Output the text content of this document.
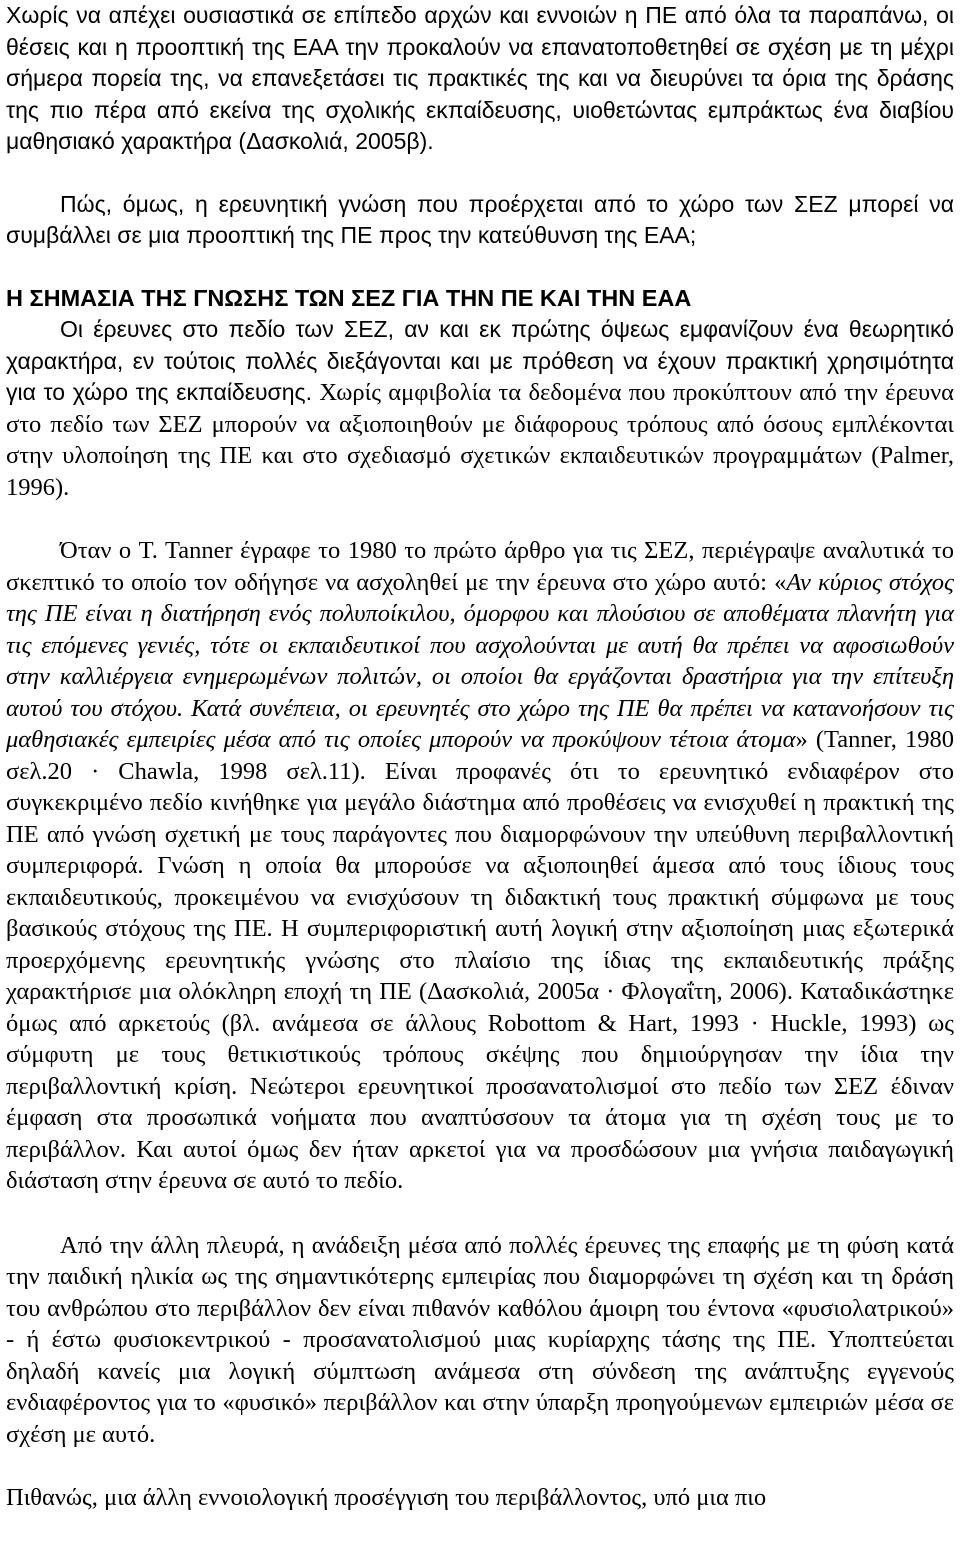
Χωρίς να απέχει ουσιαστικά σε επίπεδο αρχών και εννοιών η ΠΕ από όλα τα παραπάνω, οι θέσεις και η προοπτική της ΕΑΑ την προκαλούν να επανατοποθετηθεί σε σχέση με τη μέχρι σήμερα πορεία της, να επανεξετάσει τις πρακτικές της και να διευρύνει τα όρια της δράσης της πιο πέρα από εκείνα της σχολικής εκπαίδευσης, υιοθετώντας εμπράκτως ένα διαβίου μαθησιακό χαρακτήρα (Δασκολιά, 2005β).

Πώς, όμως, η ερευνητική γνώση που προέρχεται από το χώρο των ΣΕΖ μπορεί να συμβάλλει σε μια προοπτική της ΠΕ προς την κατεύθυνση της ΕΑΑ;

Η ΣΗΜΑΣΙΑ ΤΗΣ ΓΝΩΣΗΣ ΤΩΝ ΣΕΖ ΓΙΑ ΤΗΝ ΠΕ ΚΑΙ ΤΗΝ ΕΑΑ

Οι έρευνες στο πεδίο των ΣΕΖ, αν και εκ πρώτης όψεως εμφανίζουν ένα θεωρητικό χαρακτήρα, εν τούτοις πολλές διεξάγονται και με πρόθεση να έχουν πρακτική χρησιμότητα για το χώρο της εκπαίδευσης. Χωρίς αμφιβολία τα δεδομένα που προκύπτουν από την έρευνα στο πεδίο των ΣΕΖ μπορούν να αξιοποιηθούν με διάφορους τρόπους από όσους εμπλέκονται στην υλοποίηση της ΠΕ και στο σχεδιασμό σχετικών εκπαιδευτικών προγραμμάτων (Palmer, 1996).

Όταν ο T. Tanner έγραφε το 1980 το πρώτο άρθρο για τις ΣΕΖ, περιέγραψε αναλυτικά το σκεπτικό το οποίο τον οδήγησε να ασχοληθεί με την έρευνα στο χώρο αυτό: «Αν κύριος στόχος της ΠΕ είναι η διατήρηση ενός πολυποίκιλου, όμορφου και πλούσιου σε αποθέματα πλανήτη για τις επόμενες γενιές, τότε οι εκπαιδευτικοί που ασχολούνται με αυτή θα πρέπει να αφοσιωθούν στην καλλιέργεια ενημερωμένων πολιτών, οι οποίοι θα εργάζονται δραστήρια για την επίτευξη αυτού του στόχου. Κατά συνέπεια, οι ερευνητές στο χώρο της ΠΕ θα πρέπει να κατανοήσουν τις μαθησιακές εμπειρίες μέσα από τις οποίες μπορούν να προκύψουν τέτοια άτομα» (Tanner, 1980 σελ.20 · Chawla, 1998 σελ.11). Είναι προφανές ότι το ερευνητικό ενδιαφέρον στο συγκεκριμένο πεδίο κινήθηκε για μεγάλο διάστημα από προθέσεις να ενισχυθεί η πρακτική της ΠΕ από γνώση σχετική με τους παράγοντες που διαμορφώνουν την υπεύθυνη περιβαλλοντική συμπεριφορά. Γνώση η οποία θα μπορούσε να αξιοποιηθεί άμεσα από τους ίδιους τους εκπαιδευτικούς, προκειμένου να ενισχύσουν τη διδακτική τους πρακτική σύμφωνα με τους βασικούς στόχους της ΠΕ. Η συμπεριφοριστική αυτή λογική στην αξιοποίηση μιας εξωτερικά προερχόμενης ερευνητικής γνώσης στο πλαίσιο της ίδιας της εκπαιδευτικής πράξης χαρακτήρισε μια ολόκληρη εποχή τη ΠΕ (Δασκολιά, 2005α · Φλογαΐτη, 2006). Καταδικάστηκε όμως από αρκετούς (βλ. ανάμεσα σε άλλους Robottom & Hart, 1993 · Huckle, 1993) ως σύμφυτη με τους θετικιστικούς τρόπους σκέψης που δημιούργησαν την ίδια την περιβαλλοντική κρίση. Νεώτεροι ερευνητικοί προσανατολισμοί στο πεδίο των ΣΕΖ έδιναν έμφαση στα προσωπικά νοήματα που αναπτύσσουν τα άτομα για τη σχέση τους με το περιβάλλον. Και αυτοί όμως δεν ήταν αρκετοί για να προσδώσουν μια γνήσια παιδαγωγική διάσταση στην έρευνα σε αυτό το πεδίο.

Από την άλλη πλευρά, η ανάδειξη μέσα από πολλές έρευνες της επαφής με τη φύση κατά την παιδική ηλικία ως της σημαντικότερης εμπειρίας που διαμορφώνει τη σχέση και τη δράση του ανθρώπου στο περιβάλλον δεν είναι πιθανόν καθόλου άμοιρη του έντονα «φυσιολατρικού» - ή έστω φυσιοκεντρικού - προσανατολισμού μιας κυρίαρχης τάσης της ΠΕ. Υποπτεύεται δηλαδή κανείς μια λογική σύμπτωση ανάμεσα στη σύνδεση της ανάπτυξης εγγενούς ενδιαφέροντος για το «φυσικό» περιβάλλον και στην ύπαρξη προηγούμενων εμπειριών μέσα σε σχέση με αυτό.

Πιθανώς, μια άλλη εννοιολογική προσέγγιση του περιβάλλοντος, υπό μια πιο
